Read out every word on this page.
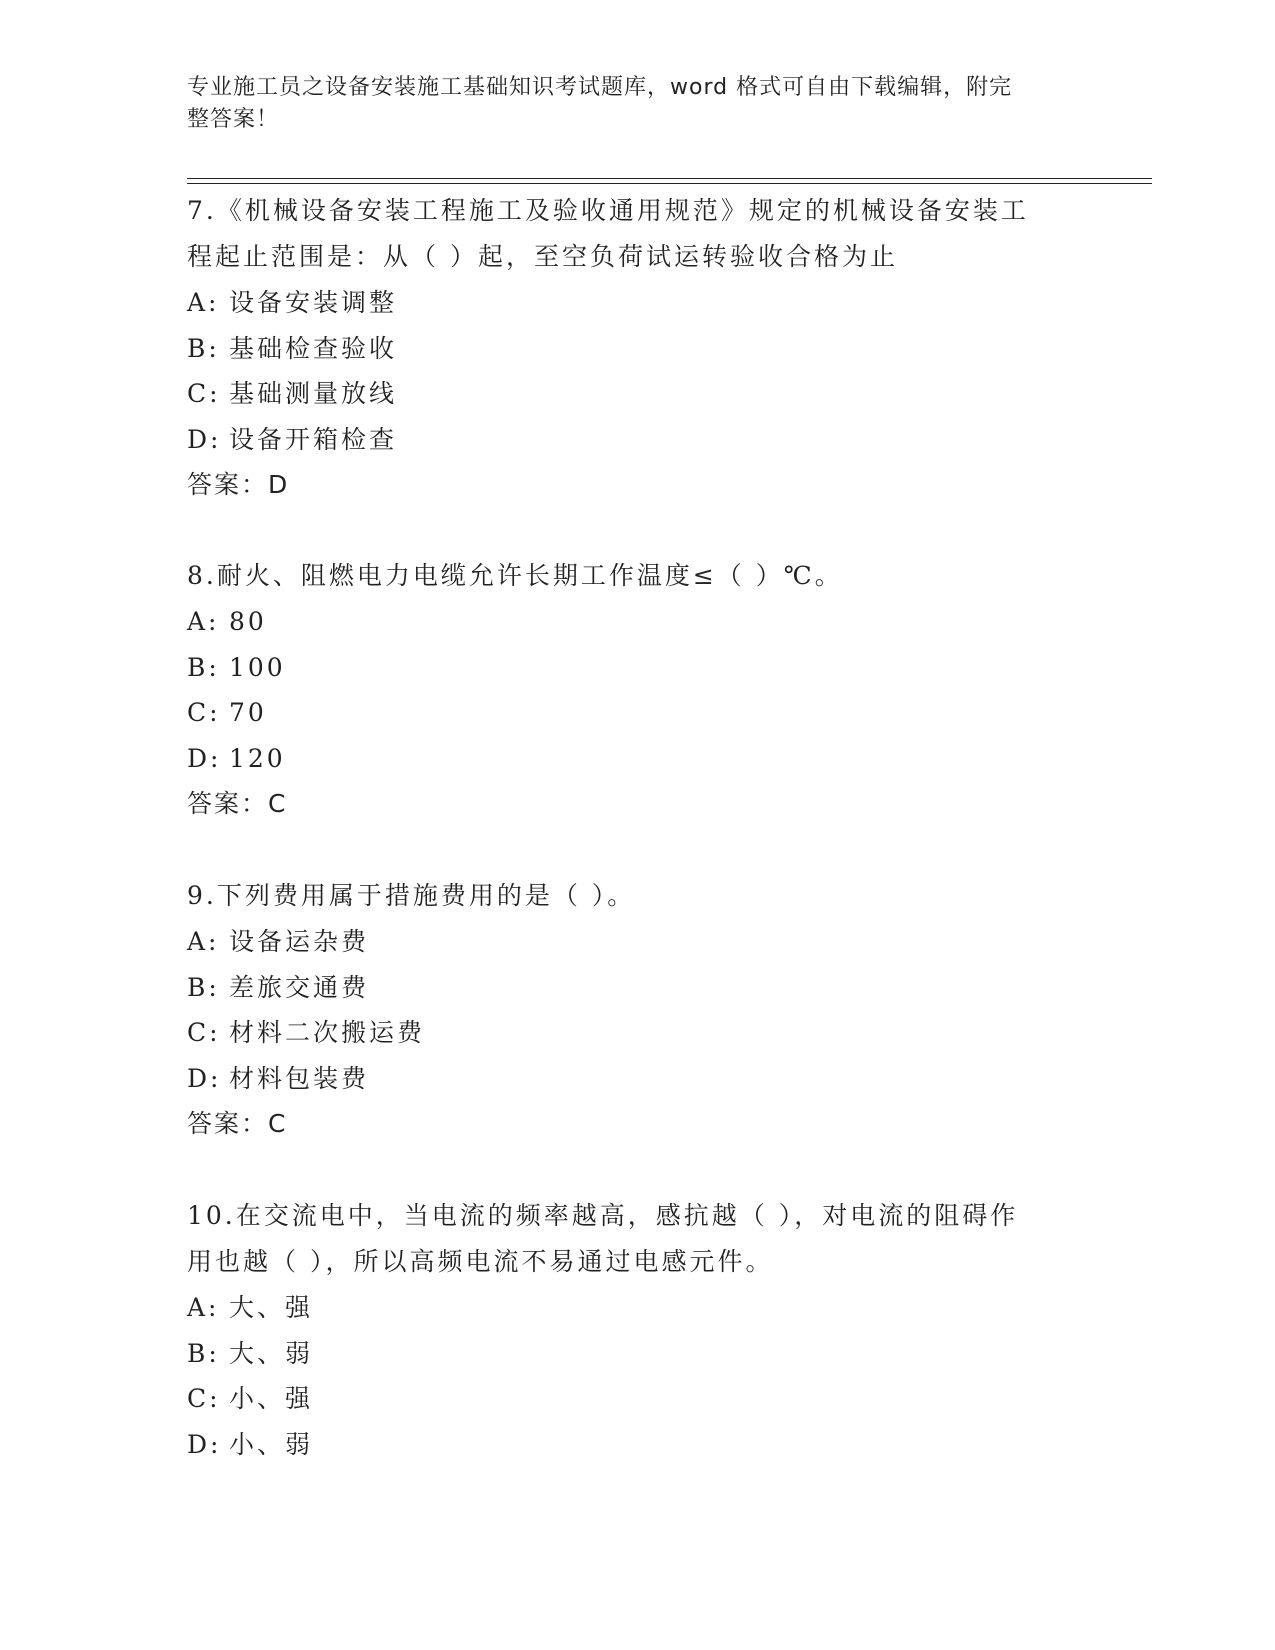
专业施工员之设备安装施工基础知识考试题库，word 格式可自由下载编辑，附完
整答案！
7.《机械设备安装工程施工及验收通用规范》规定的机械设备安装工
程起止范围是：从（ ）起，至空负荷试运转验收合格为止
A: 设备安装调整
B: 基础检查验收
C: 基础测量放线
D: 设备开箱检查
答案：D
8.耐火、阻燃电力电缆允许长期工作温度≤（ ）℃。
A: 80
B: 100
C: 70
D: 120
答案：C
9.下列费用属于措施费用的是（ ）。
A: 设备运杂费
B: 差旅交通费
C: 材料二次搬运费
D: 材料包装费
答案：C
10.在交流电中，当电流的频率越高，感抗越（ ），对电流的阻碍作
用也越（ ），所以高频电流不易通过电感元件。
A: 大、强
B: 大、弱
C: 小、强
D: 小、弱
